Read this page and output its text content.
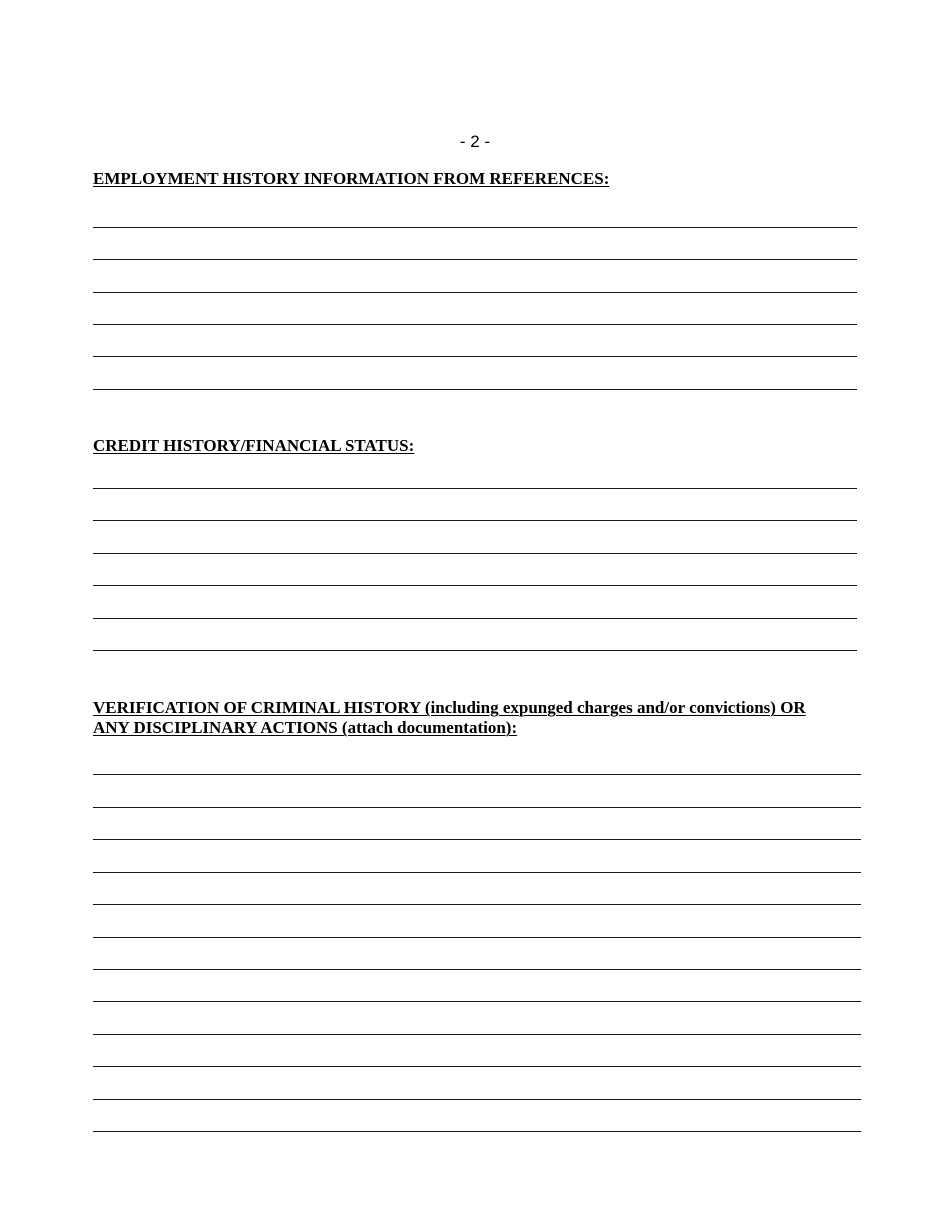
- 2 -
EMPLOYMENT HISTORY INFORMATION FROM REFERENCES:
CREDIT HISTORY/FINANCIAL STATUS:
VERIFICATION OF CRIMINAL HISTORY (including expunged charges and/or convictions) OR
ANY DISCIPLINARY ACTIONS (attach documentation):
